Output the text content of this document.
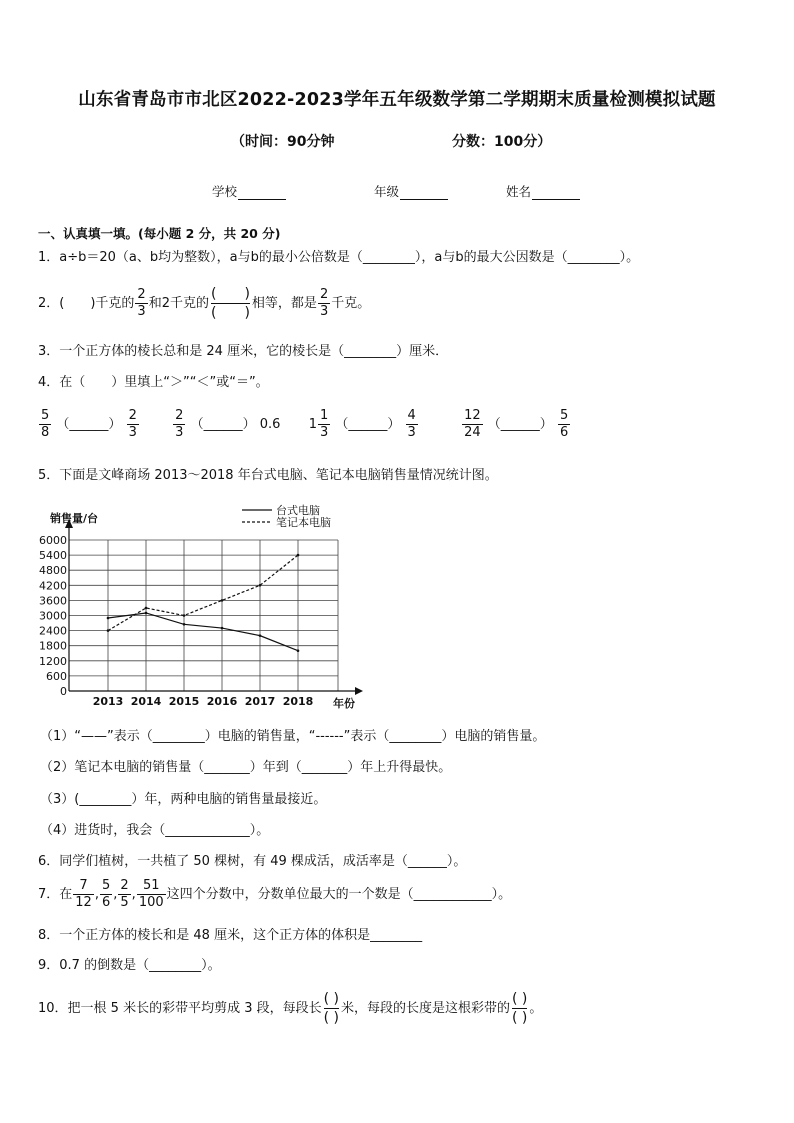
山东省青岛市市北区2022-2023学年五年级数学第二学期期末质量检测模拟试题
（时间：90分钟	分数：100分）
学校	年级	姓名
一、认真填一填。(每小题 2 分，共 20 分)
1．a÷b＝20（a、b均为整数），a与b的最小公倍数是（________），a与b的最大公因数是（________）。
2．(　　)千克的 $\frac{2}{3}$ 和2千克的
(　　)
(　　)
相等，都是 $\frac{2}{3}$ 千克。
3．一个正方体的棱长总和是 24 厘米，它的棱长是（________）厘米．
4．在（　　）里填上“＞”“＜”或“＝”。
$\frac{5}{8}$ （______） $\frac{2}{3}$
	$\frac{2}{3}$ （______） 0.6 $1 \frac{1}{3}$ （______） $\frac{4}{3}$
	$\frac{12}{24}$ （______） $\frac{5}{6}$
5．下面是文峰商场 2013～2018 年台式电脑、笔记本电脑销售量情况统计图。
0
600
1200
1800
2400
3000
3600
4200
4800
5400
6000
2013 2014 2015 2016 2017 2018
销售量/台
年份
台式电脑
笔记本电脑
（1）“——”表示（________）电脑的销售量，“------”表示（________）电脑的销售量。
（2）笔记本电脑的销售量（_______）年到（_______）年上升得最快。
（3）(________）年，两种电脑的销售量最接近。
（4）进货时，我会（_____________）。
6．同学们植树，一共植了 50 棵树，有 49 棵成活，成活率是（______）。
7．在 $\frac{7}{12}$ , $\frac{5}{6}$ , $\frac{2}{5}$ , $\frac{51}{100}$ 这四个分数中，分数单位最大的一个数是（____________）。
8．一个正方体的棱长和是 48 厘米，这个正方体的体积是________
9．0.7 的倒数是（________）。
10．把一根 5 米长的彩带平均剪成 3 段，每段长
( )
( )
米，每段的长度是这根彩带的
( )
( )
。
